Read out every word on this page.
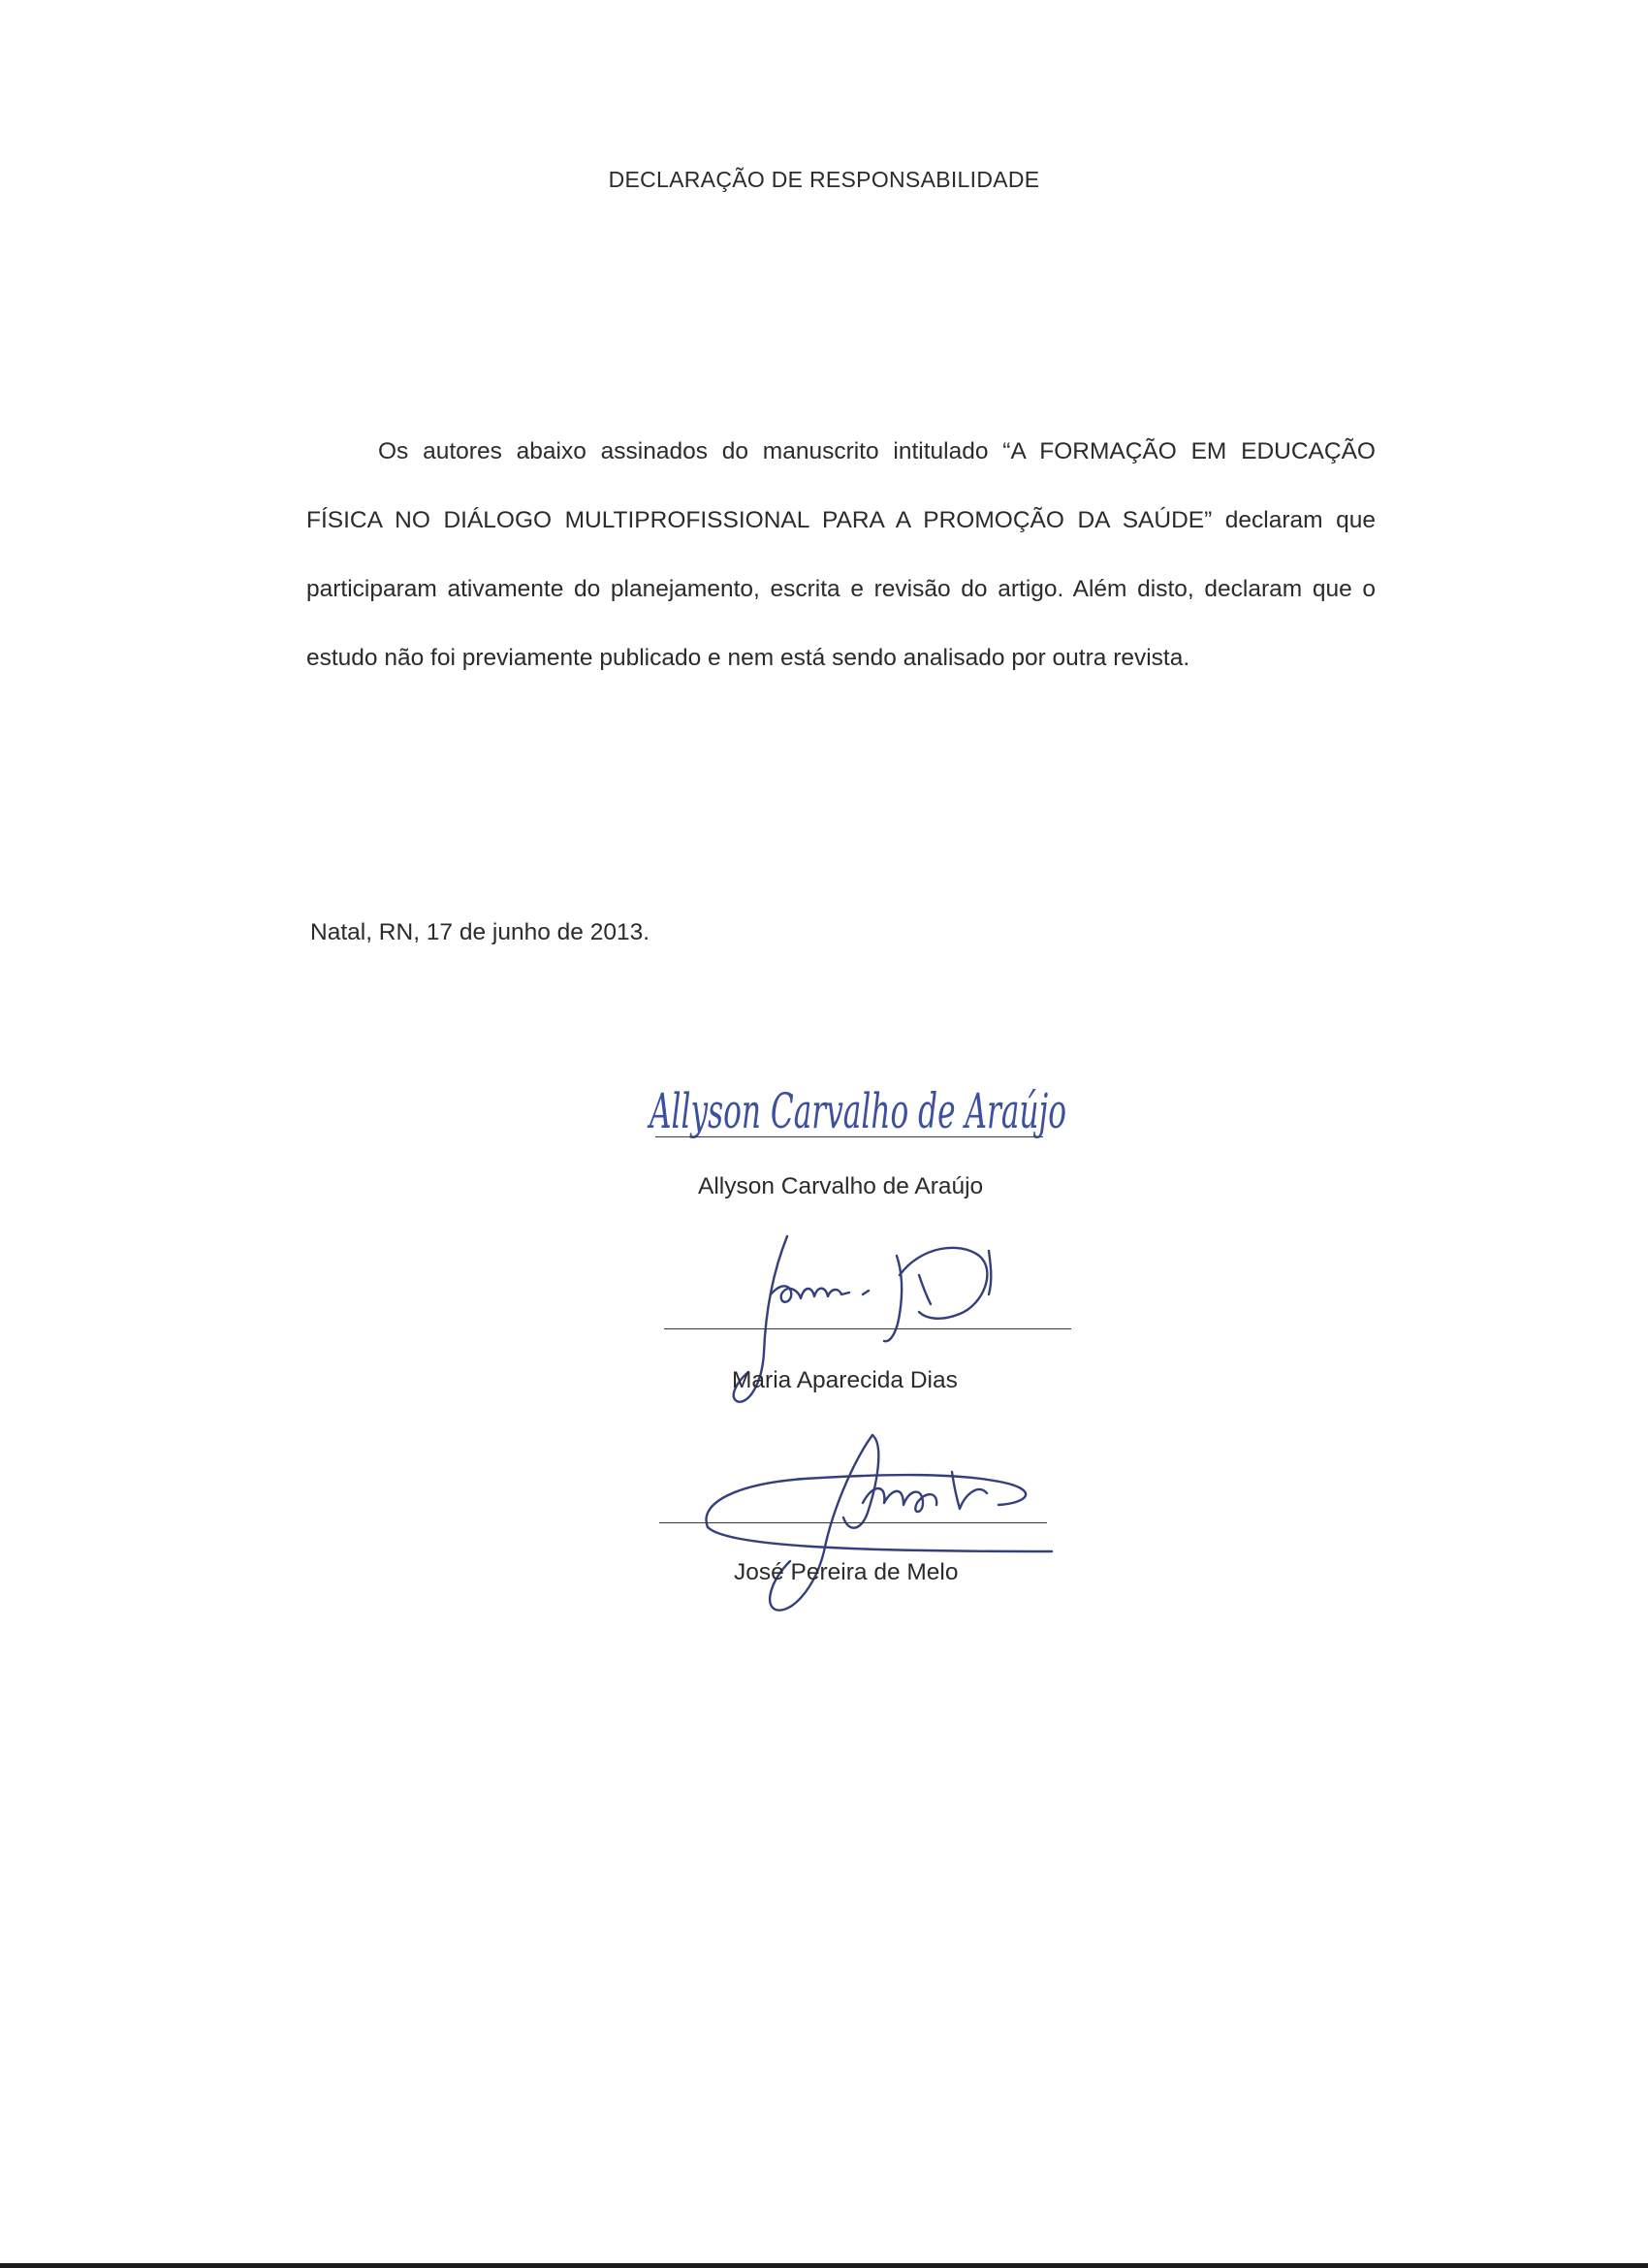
DECLARAÇÃO DE RESPONSABILIDADE

Os autores abaixo assinados do manuscrito intitulado “A FORMAÇÃO EM EDUCAÇÃO FÍSICA NO DIÁLOGO MULTIPROFISSIONAL PARA A PROMOÇÃO DA SAÚDE” declaram que participaram ativamente do planejamento, escrita e revisão do artigo. Além disto, declaram que o estudo não foi previamente publicado e nem está sendo analisado por outra revista.

Natal, RN, 17 de junho de 2013.

Allyson Carvalho de Araújo
Allyson Carvalho de Araújo
Maria Aparecida Dias
José Pereira de Melo
